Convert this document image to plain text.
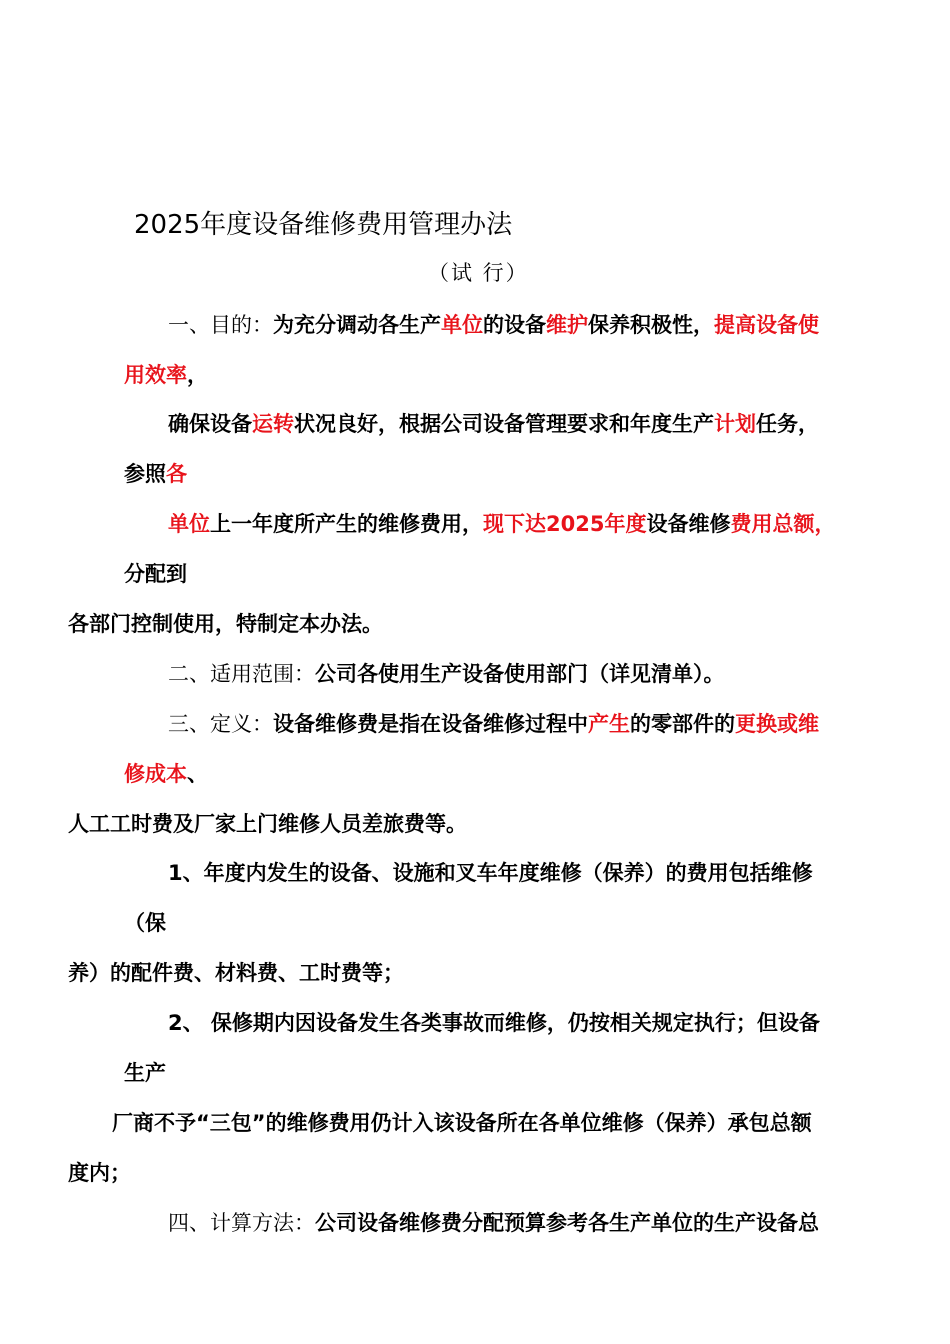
2025年度设备维修费用管理办法
（试 行）
一、目的：为充分调动各生产单位的设备维护保养积极性，提高设备使
用效率，
确保设备运转状况良好，根据公司设备管理要求和年度生产计划任务，
参照各
单位上一年度所产生的维修费用，现下达2025年度设备维修费用总额，
分配到
各部门控制使用，特制定本办法。
二、适用范围：公司各使用生产设备使用部门（详见清单）。
三、定义：设备维修费是指在设备维修过程中产生的零部件的更换或维
修成本、
人工工时费及厂家上门维修人员差旅费等。
1、年度内发生的设备、设施和叉车年度维修（保养）的费用包括维修
（保
养）的配件费、材料费、工时费等；
2、 保修期内因设备发生各类事故而维修，仍按相关规定执行；但设备
生产
厂商不予“三包”的维修费用仍计入该设备所在各单位维修（保养）承包总额
度内；
四、计算方法：公司设备维修费分配预算参考各生产单位的生产设备总
